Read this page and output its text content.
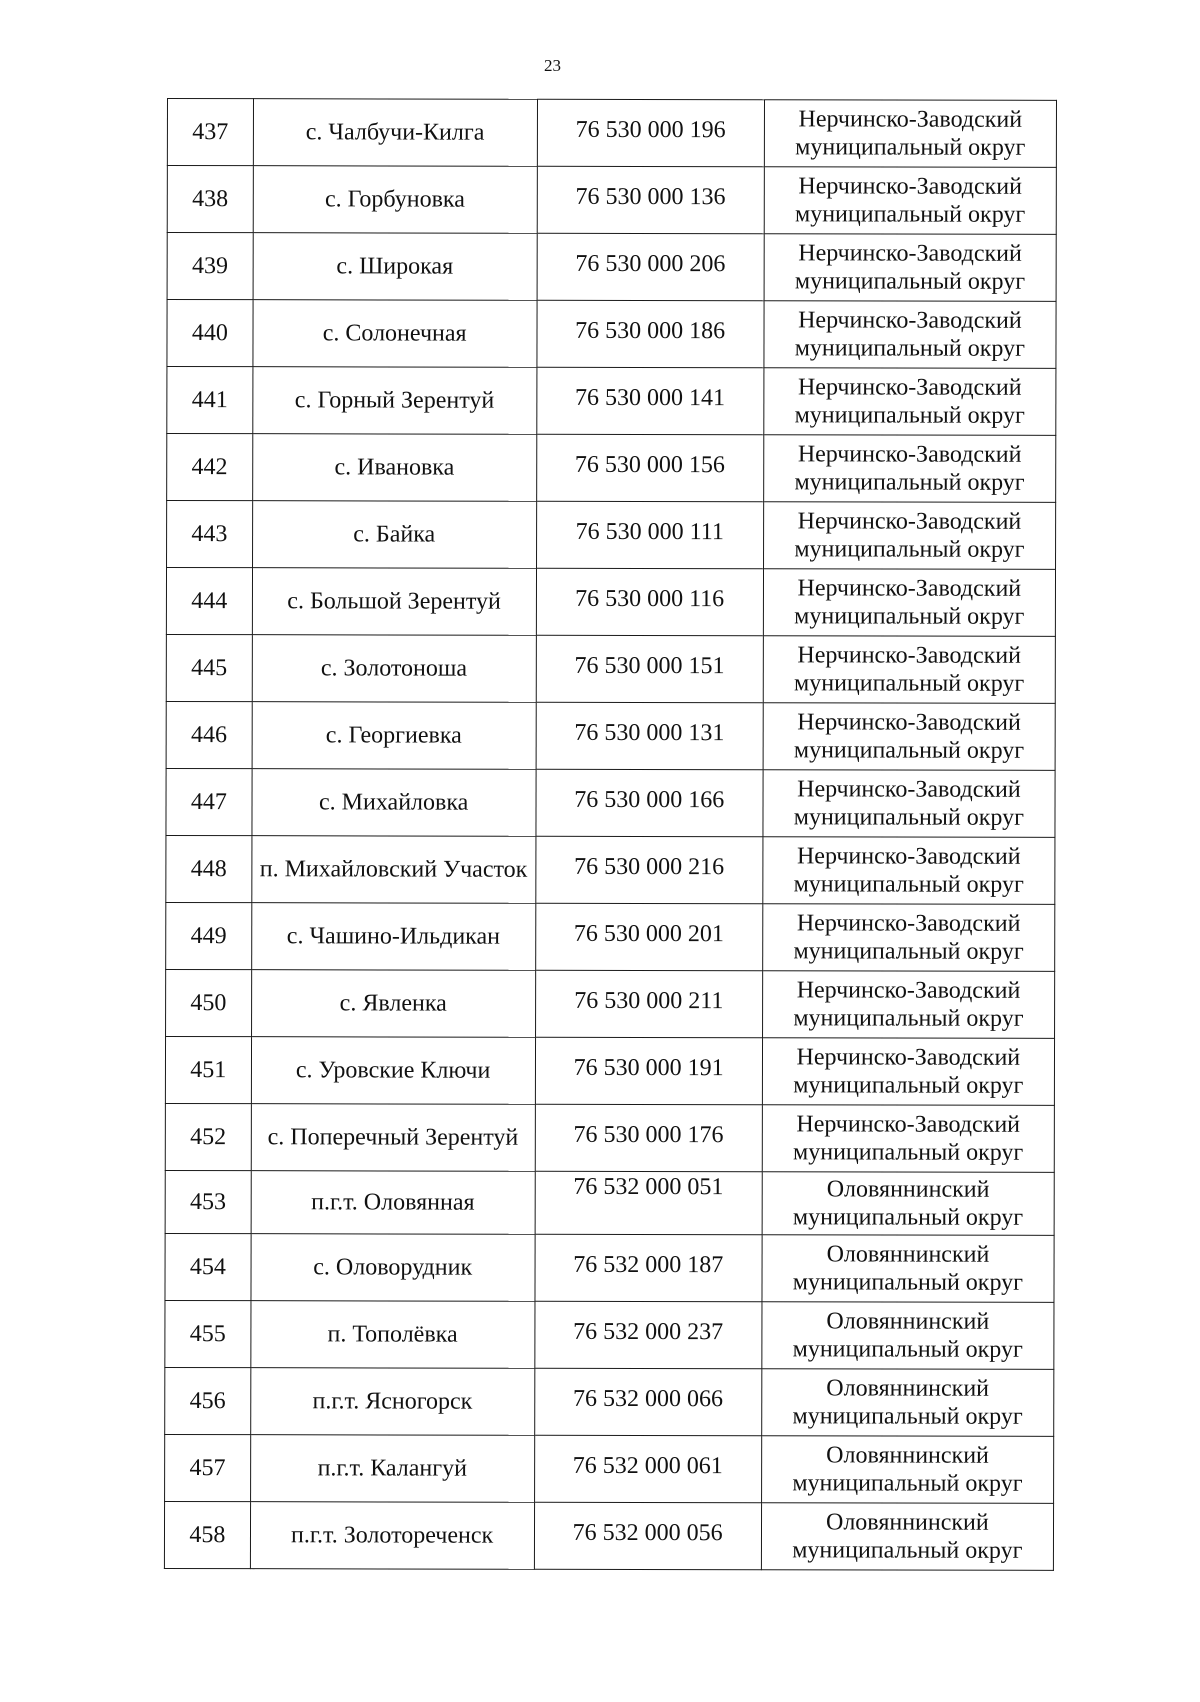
23
437	с. Чалбучи-Килга	76 530 000 196	Нерчинско-Заводский
муниципальный округ

438	с. Горбуновка	76 530 000 136	Нерчинско-Заводский
муниципальный округ

439	с. Широкая	76 530 000 206	Нерчинско-Заводский
муниципальный округ

440	с. Солонечная	76 530 000 186	Нерчинско-Заводский
муниципальный округ

441	с. Горный Зерентуй	76 530 000 141	Нерчинско-Заводский
муниципальный округ

442	с. Ивановка	76 530 000 156	Нерчинско-Заводский
муниципальный округ

443	с. Байка	76 530 000 111	Нерчинско-Заводский
муниципальный округ

444	с. Большой Зерентуй	76 530 000 116	Нерчинско-Заводский
муниципальный округ

445	с. Золотоноша	76 530 000 151	Нерчинско-Заводский
муниципальный округ

446	с. Георгиевка	76 530 000 131	Нерчинско-Заводский
муниципальный округ

447	с. Михайловка	76 530 000 166	Нерчинско-Заводский
муниципальный округ

448	п. Михайловский Участок	76 530 000 216	Нерчинско-Заводский
муниципальный округ

449	с. Чашино-Ильдикан	76 530 000 201	Нерчинско-Заводский
муниципальный округ

450	с. Явленка	76 530 000 211	Нерчинско-Заводский
муниципальный округ

451	с. Уровские Ключи	76 530 000 191	Нерчинско-Заводский
муниципальный округ

452	с. Поперечный Зерентуй	76 530 000 176	Нерчинско-Заводский
муниципальный округ

453	п.г.т. Оловянная	76 532 000 051	Оловяннинский
муниципальный округ

454	с. Оловорудник	76 532 000 187	Оловяннинский
муниципальный округ

455	п. Тополёвка	76 532 000 237	Оловяннинский
муниципальный округ

456	п.г.т. Ясногорск	76 532 000 066	Оловяннинский
муниципальный округ

457	п.г.т. Калангуй	76 532 000 061	Оловяннинский
муниципальный округ

458	п.г.т. Золотореченск	76 532 000 056	Оловяннинский
муниципальный округ
